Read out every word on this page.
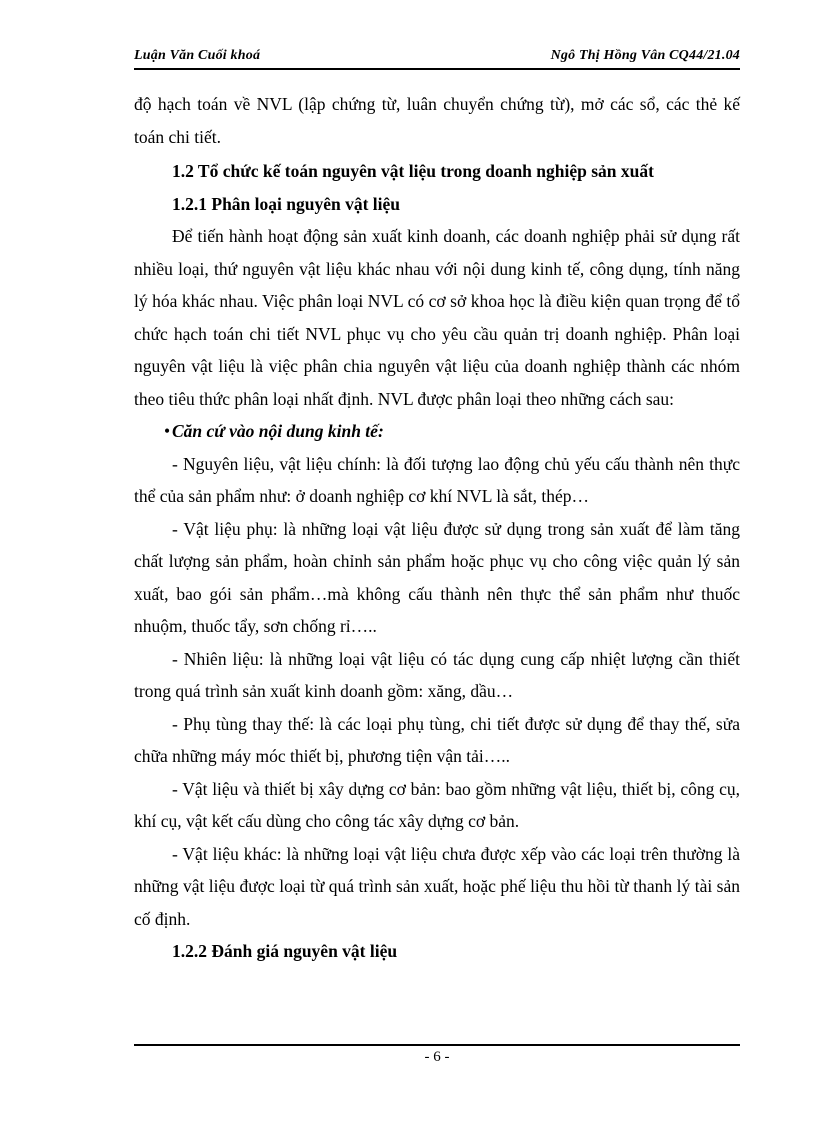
Luận Văn Cuối khoá	Ngô Thị Hồng Vân CQ44/21.04

độ hạch toán về NVL (lập chứng từ, luân chuyển chứng từ), mở các sổ, các thẻ kế toán chi tiết.

1.2 Tổ chức kế toán nguyên vật liệu trong doanh nghiệp sản xuất

1.2.1 Phân loại nguyên vật liệu

Để tiến hành hoạt động sản xuất kinh doanh, các doanh nghiệp phải sử dụng rất nhiều loại, thứ nguyên vật liệu khác nhau với nội dung kinh tế, công dụng, tính năng lý hóa khác nhau. Việc phân loại NVL có cơ sở khoa học là điều kiện quan trọng để tổ chức hạch toán chi tiết NVL phục vụ cho yêu cầu quản trị doanh nghiệp. Phân loại nguyên vật liệu là việc phân chia nguyên vật liệu của doanh nghiệp thành các nhóm theo tiêu thức phân loại nhất định. NVL được phân loại theo những cách sau:

• Căn cứ vào nội dung kinh tế:

- Nguyên liệu, vật liệu chính: là đối tượng lao động chủ yếu cấu thành nên thực thể của sản phẩm như: ở doanh nghiệp cơ khí NVL là sắt, thép…

- Vật liệu phụ: là những loại vật liệu được sử dụng trong sản xuất để làm tăng chất lượng sản phẩm, hoàn chỉnh sản phẩm hoặc phục vụ cho công việc quản lý sản xuất, bao gói sản phẩm…mà không cấu thành nên thực thể sản phẩm như thuốc nhuộm, thuốc tẩy, sơn chống rỉ…..

- Nhiên liệu: là những loại vật liệu có tác dụng cung cấp nhiệt lượng cần thiết trong quá trình sản xuất kinh doanh gồm: xăng, dầu…

- Phụ tùng thay thế: là các loại phụ tùng, chi tiết được sử dụng để thay thế, sửa chữa những máy móc thiết bị, phương tiện vận tải…..

- Vật liệu và thiết bị xây dựng cơ bản: bao gồm những vật liệu, thiết bị, công cụ, khí cụ, vật kết cấu dùng cho công tác xây dựng cơ bản.

- Vật liệu khác: là những loại vật liệu chưa được xếp vào các loại trên thường là những vật liệu được loại từ quá trình sản xuất, hoặc phế liệu thu hồi từ thanh lý tài sản cố định.

1.2.2 Đánh giá nguyên vật liệu

- 6 -
